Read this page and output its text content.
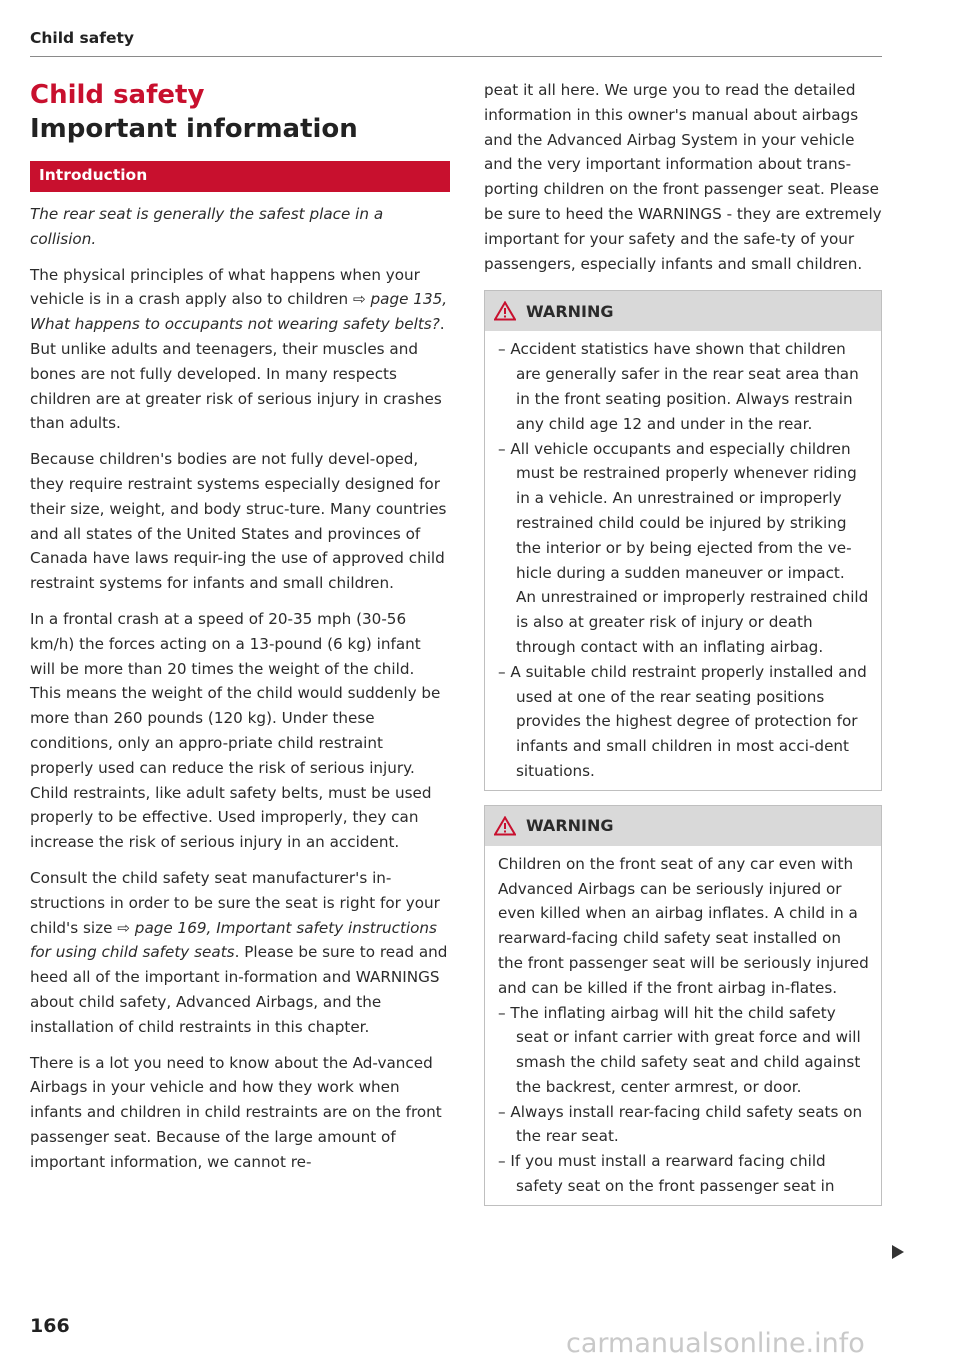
Child safety
Child safety
Important information
Introduction

The rear seat is generally the safest place in a collision.

The physical principles of what happens when your vehicle is in a crash apply also to children ⇨ page 135, What happens to occupants not wearing safety belts?. But unlike adults and teenagers, their muscles and bones are not fully developed. In many respects children are at greater risk of serious injury in crashes than adults.

Because children's bodies are not fully devel-oped, they require restraint systems especially designed for their size, weight, and body struc-ture. Many countries and all states of the United States and provinces of Canada have laws requir-ing the use of approved child restraint systems for infants and small children.

In a frontal crash at a speed of 20-35 mph (30-56 km/h) the forces acting on a 13-pound (6 kg) infant will be more than 20 times the weight of the child. This means the weight of the child would suddenly be more than 260 pounds (120 kg). Under these conditions, only an appro-priate child restraint properly used can reduce the risk of serious injury. Child restraints, like adult safety belts, must be used properly to be effective. Used improperly, they can increase the risk of serious injury in an accident.

Consult the child safety seat manufacturer's in-structions in order to be sure the seat is right for your child's size ⇨ page 169, Important safety instructions for using child safety seats. Please be sure to read and heed all of the important in-formation and WARNINGS about child safety, Advanced Airbags, and the installation of child restraints in this chapter.

There is a lot you need to know about the Ad-vanced Airbags in your vehicle and how they work when infants and children in child restraints are on the front passenger seat. Because of the large amount of important information, we cannot re-

peat it all here. We urge you to read the detailed information in this owner's manual about airbags and the Advanced Airbag System in your vehicle and the very important information about trans-porting children on the front passenger seat. Please be sure to heed the WARNINGS - they are extremely important for your safety and the safe-ty of your passengers, especially infants and small children.

WARNING
– Accident statistics have shown that children are generally safer in the rear seat area than in the front seating position. Always restrain any child age 12 and under in the rear.
– All vehicle occupants and especially children must be restrained properly whenever riding in a vehicle. An unrestrained or improperly restrained child could be injured by striking the interior or by being ejected from the ve-hicle during a sudden maneuver or impact. An unrestrained or improperly restrained child is also at greater risk of injury or death through contact with an inflating airbag.
– A suitable child restraint properly installed and used at one of the rear seating positions provides the highest degree of protection for infants and small children in most acci-dent situations.
WARNING

Children on the front seat of any car even with Advanced Airbags can be seriously injured or even killed when an airbag inflates. A child in a rearward-facing child safety seat installed on the front passenger seat will be seriously injured and can be killed if the front airbag in-flates.

– The inflating airbag will hit the child safety seat or infant carrier with great force and will smash the child safety seat and child against the backrest, center armrest, or door.
– Always install rear-facing child safety seats on the rear seat.
– If you must install a rearward facing child safety seat on the front passenger seat in
166
carmanualsonline.info
